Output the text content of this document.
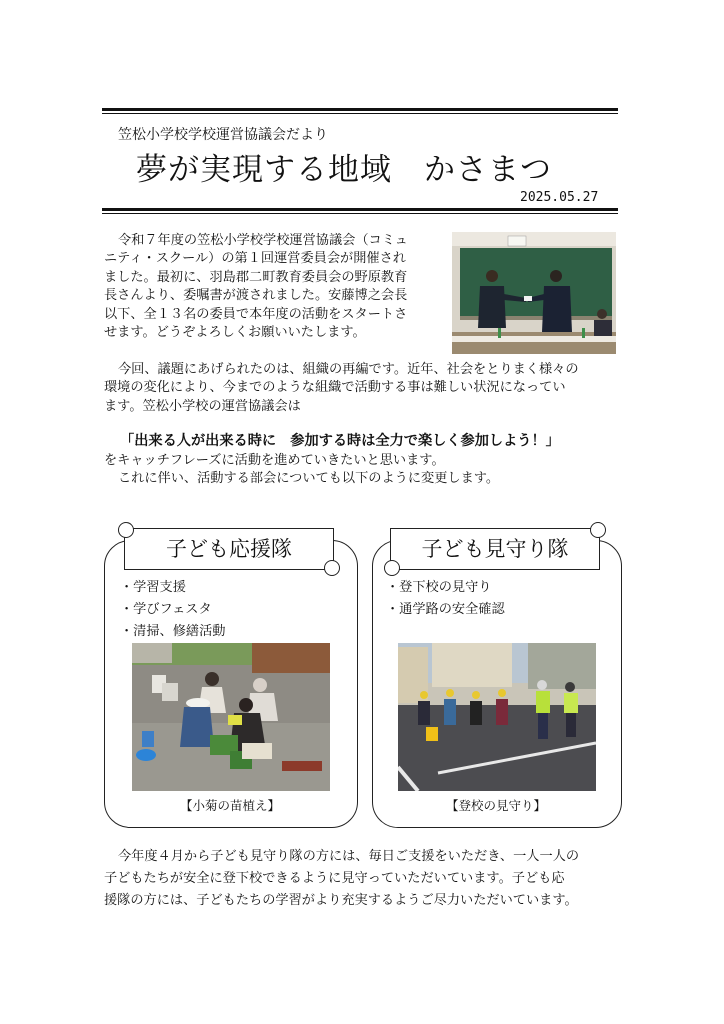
笠松小学校学校運営協議会だより
夢が実現する地域　かさまつ
2025.05.27
令和７年度の笠松小学校学校運営協議会（コミュ
ニティ・スクール）の第１回運営委員会が開催され
ました。最初に、羽島郡二町教育委員会の野原教育
長さんより、委嘱書が渡されました。安藤博之会長
以下、全１３名の委員で本年度の活動をスタートさ
せます。どうぞよろしくお願いいたします。
今回、議題にあげられたのは、組織の再編です。近年、社会をとりまく様々の
環境の変化により、今までのような組織で活動する事は難しい状況になってい
ます。笠松小学校の運営協議会は
「出来る人が出来る時に　参加する時は全力で楽しく参加しよう！」
をキャッチフレーズに活動を進めていきたいと思います。
これに伴い、活動する部会についても以下のように変更します。
子ども応援隊
・学習支援
・学びフェスタ
・清掃、修繕活動
【小菊の苗植え】
子ども見守り隊
・登下校の見守り
・通学路の安全確認
【登校の見守り】
今年度４月から子ども見守り隊の方には、毎日ご支援をいただき、一人一人の
子どもたちが安全に登下校できるように見守っていただいています。子ども応
援隊の方には、子どもたちの学習がより充実するようご尽力いただいています。
